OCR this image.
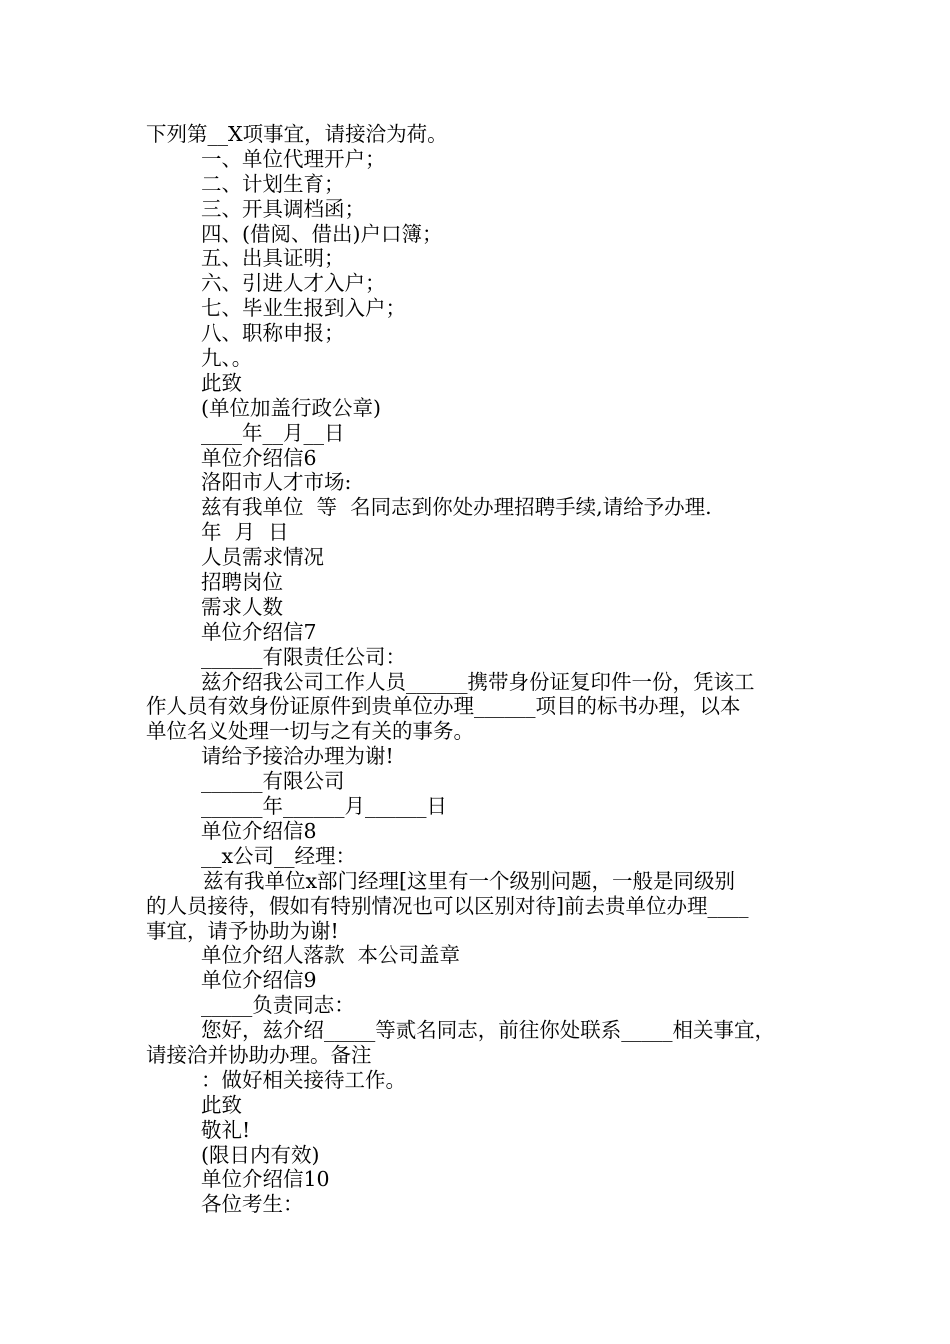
下列第__X项事宜，请接洽为荷。
一、单位代理开户；
二、计划生育；
三、开具调档函；
四、(借阅、借出)户口簿；
五、出具证明；
六、引进人才入户；
七、毕业生报到入户；
八、职称申报；
九、。
此致
(单位加盖行政公章)
____年__月__日
单位介绍信6
洛阳市人才市场:
兹有我单位  等  名同志到你处办理招聘手续,请给予办理.
年  月  日
人员需求情况
招聘岗位
需求人数
单位介绍信7
______有限责任公司：
兹介绍我公司工作人员______携带身份证复印件一份，凭该工
作人员有效身份证原件到贵单位办理______项目的标书办理，以本
单位名义处理一切与之有关的事务。
请给予接洽办理为谢!
______有限公司
______年______月______日
单位介绍信8
__x公司__经理：
兹有我单位x部门经理[这里有一个级别问题，一般是同级别
的人员接待，假如有特别情况也可以区别对待]前去贵单位办理____
事宜，请予协助为谢!
单位介绍人落款  本公司盖章
单位介绍信9
_____负责同志：
您好，兹介绍_____等贰名同志，前往你处联系_____相关事宜，
请接洽并协助办理。备注
：做好相关接待工作。
此致
敬礼!
(限日内有效)
单位介绍信10
各位考生：
